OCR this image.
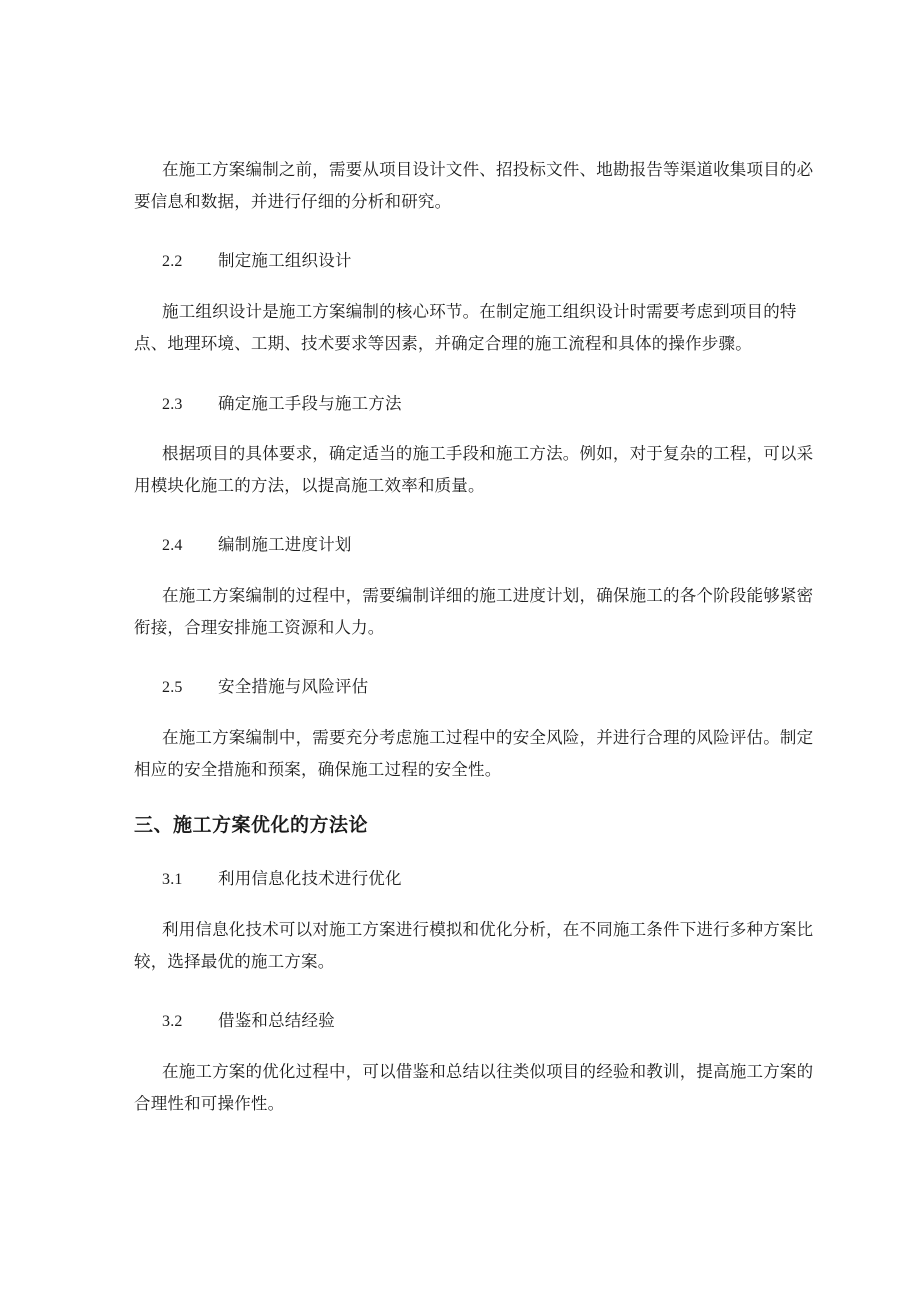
在施工方案编制之前，需要从项目设计文件、招投标文件、地勘报告等渠道收集项目的必要信息和数据，并进行仔细的分析和研究。

2.2 制定施工组织设计

施工组织设计是施工方案编制的核心环节。在制定施工组织设计时需要考虑到项目的特点、地理环境、工期、技术要求等因素，并确定合理的施工流程和具体的操作步骤。

2.3 确定施工手段与施工方法

根据项目的具体要求，确定适当的施工手段和施工方法。例如，对于复杂的工程，可以采用模块化施工的方法，以提高施工效率和质量。

2.4 编制施工进度计划

在施工方案编制的过程中，需要编制详细的施工进度计划，确保施工的各个阶段能够紧密衔接，合理安排施工资源和人力。

2.5 安全措施与风险评估

在施工方案编制中，需要充分考虑施工过程中的安全风险，并进行合理的风险评估。制定相应的安全措施和预案，确保施工过程的安全性。

三、施工方案优化的方法论

3.1 利用信息化技术进行优化

利用信息化技术可以对施工方案进行模拟和优化分析，在不同施工条件下进行多种方案比较，选择最优的施工方案。

3.2 借鉴和总结经验

在施工方案的优化过程中，可以借鉴和总结以往类似项目的经验和教训，提高施工方案的合理性和可操作性。
